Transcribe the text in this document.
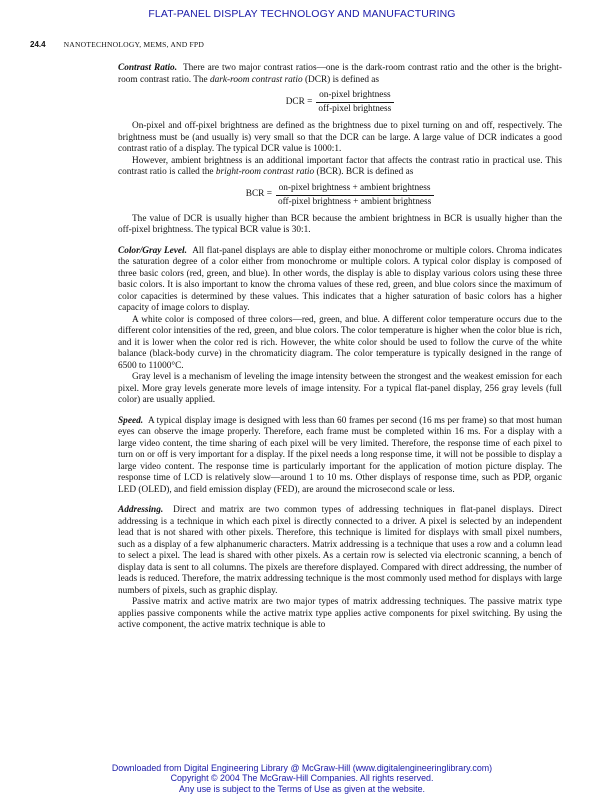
FLAT-PANEL DISPLAY TECHNOLOGY AND MANUFACTURING
24.4 NANOTECHNOLOGY, MEMS, AND FPD

Contrast Ratio. There are two major contrast ratios—one is the dark-room contrast ratio and the other is the bright-room contrast ratio. The dark-room contrast ratio (DCR) is defined as

DCR = $\frac{\text{on-pixel brightness}}{\text{off-pixel brightness}}$

On-pixel and off-pixel brightness are defined as the brightness due to pixel turning on and off, respectively. The brightness must be (and usually is) very small so that the DCR can be large. A large value of DCR indicates a good contrast ratio of a display. The typical DCR value is 1000:1.

However, ambient brightness is an additional important factor that affects the contrast ratio in practical use. This contrast ratio is called the bright-room contrast ratio (BCR). BCR is defined as

BCR = $\frac{\text{on-pixel brightness + ambient brightness}}{\text{off-pixel brightness + ambient brightness}}$

The value of DCR is usually higher than BCR because the ambient brightness in BCR is usually higher than the off-pixel brightness. The typical BCR value is 30:1.

Color/Gray Level. All flat-panel displays are able to display either monochrome or multiple colors. Chroma indicates the saturation degree of a color either from monochrome or multiple colors. A typical color display is composed of three basic colors (red, green, and blue). In other words, the display is able to display various colors using these three basic colors. It is also important to know the chroma values of these red, green, and blue colors since the maximum of color capacities is determined by these values. This indicates that a higher saturation of basic colors has a higher capacity of image colors to display.

A white color is composed of three colors—red, green, and blue. A different color temperature occurs due to the different color intensities of the red, green, and blue colors. The color temperature is higher when the color blue is rich, and it is lower when the color red is rich. However, the white color should be used to follow the curve of the white balance (black-body curve) in the chromaticity diagram. The color temperature is typically designed in the range of 6500 to 11000°C.

Gray level is a mechanism of leveling the image intensity between the strongest and the weakest emission for each pixel. More gray levels generate more levels of image intensity. For a typical flat-panel display, 256 gray levels (full color) are usually applied.

Speed. A typical display image is designed with less than 60 frames per second (16 ms per frame) so that most human eyes can observe the image properly. Therefore, each frame must be completed within 16 ms. For a display with a large video content, the time sharing of each pixel will be very limited. Therefore, the response time of each pixel to turn on or off is very important for a display. If the pixel needs a long response time, it will not be possible to display a large video content. The response time is particularly important for the application of motion picture display. The response time of LCD is relatively slow—around 1 to 10 ms. Other displays of response time, such as PDP, organic LED (OLED), and field emission display (FED), are around the microsecond scale or less.

Addressing. Direct and matrix are two common types of addressing techniques in flat-panel displays. Direct addressing is a technique in which each pixel is directly connected to a driver. A pixel is selected by an independent lead that is not shared with other pixels. Therefore, this technique is limited for displays with small pixel numbers, such as a display of a few alphanumeric characters. Matrix addressing is a technique that uses a row and a column lead to select a pixel. The lead is shared with other pixels. As a certain row is selected via electronic scanning, a bench of display data is sent to all columns. The pixels are therefore displayed. Compared with direct addressing, the number of leads is reduced. Therefore, the matrix addressing technique is the most commonly used method for displays with large numbers of pixels, such as graphic display.

Passive matrix and active matrix are two major types of matrix addressing techniques. The passive matrix type applies passive components while the active matrix type applies active components for pixel switching. By using the active component, the active matrix technique is able to

Downloaded from Digital Engineering Library @ McGraw-Hill (www.digitalengineeringlibrary.com)
Copyright © 2004 The McGraw-Hill Companies. All rights reserved.
Any use is subject to the Terms of Use as given at the website.
